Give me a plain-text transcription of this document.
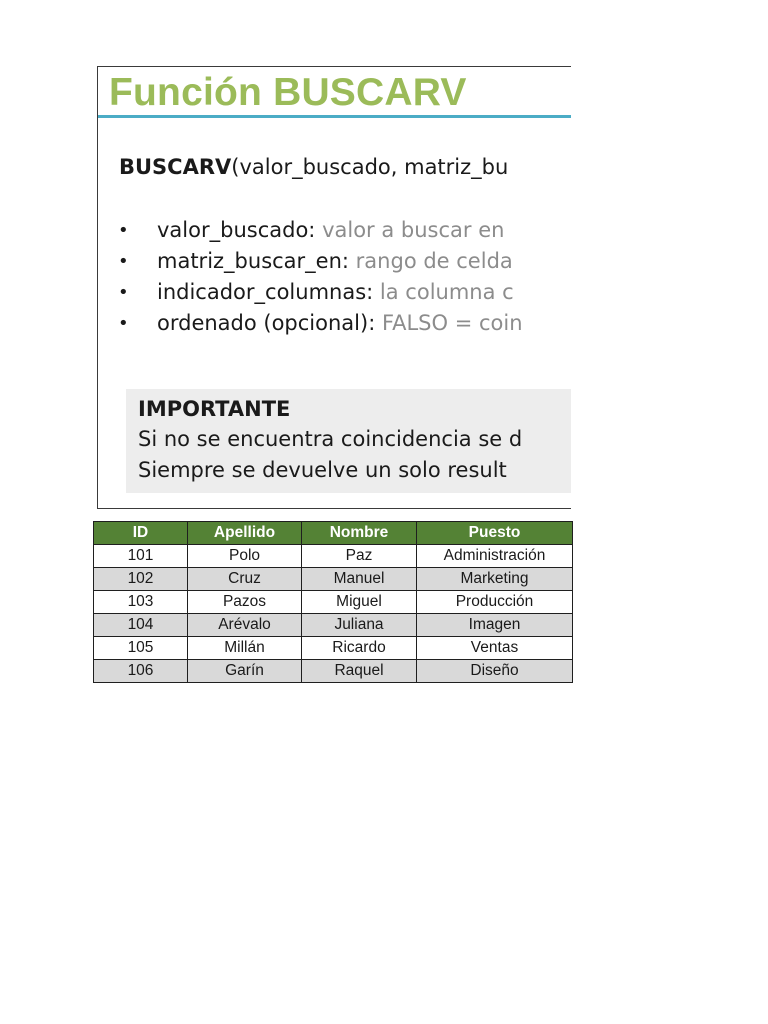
Función BUSCARV
BUSCARV(valor_buscado, matriz_bu
• valor_buscado: valor a buscar en
• matriz_buscar_en: rango de celda
• indicador_columnas: la columna c
• ordenado (opcional): FALSO = coin
IMPORTANTE
Si no se encuentra coincidencia se d
Siempre se devuelve un solo result
ID	Apellido	Nombre	Puesto
101	Polo	Paz	Administración
102	Cruz	Manuel	Marketing
103	Pazos	Miguel	Producción
104	Arévalo	Juliana	Imagen
105	Millán	Ricardo	Ventas
106	Garín	Raquel	Diseño
